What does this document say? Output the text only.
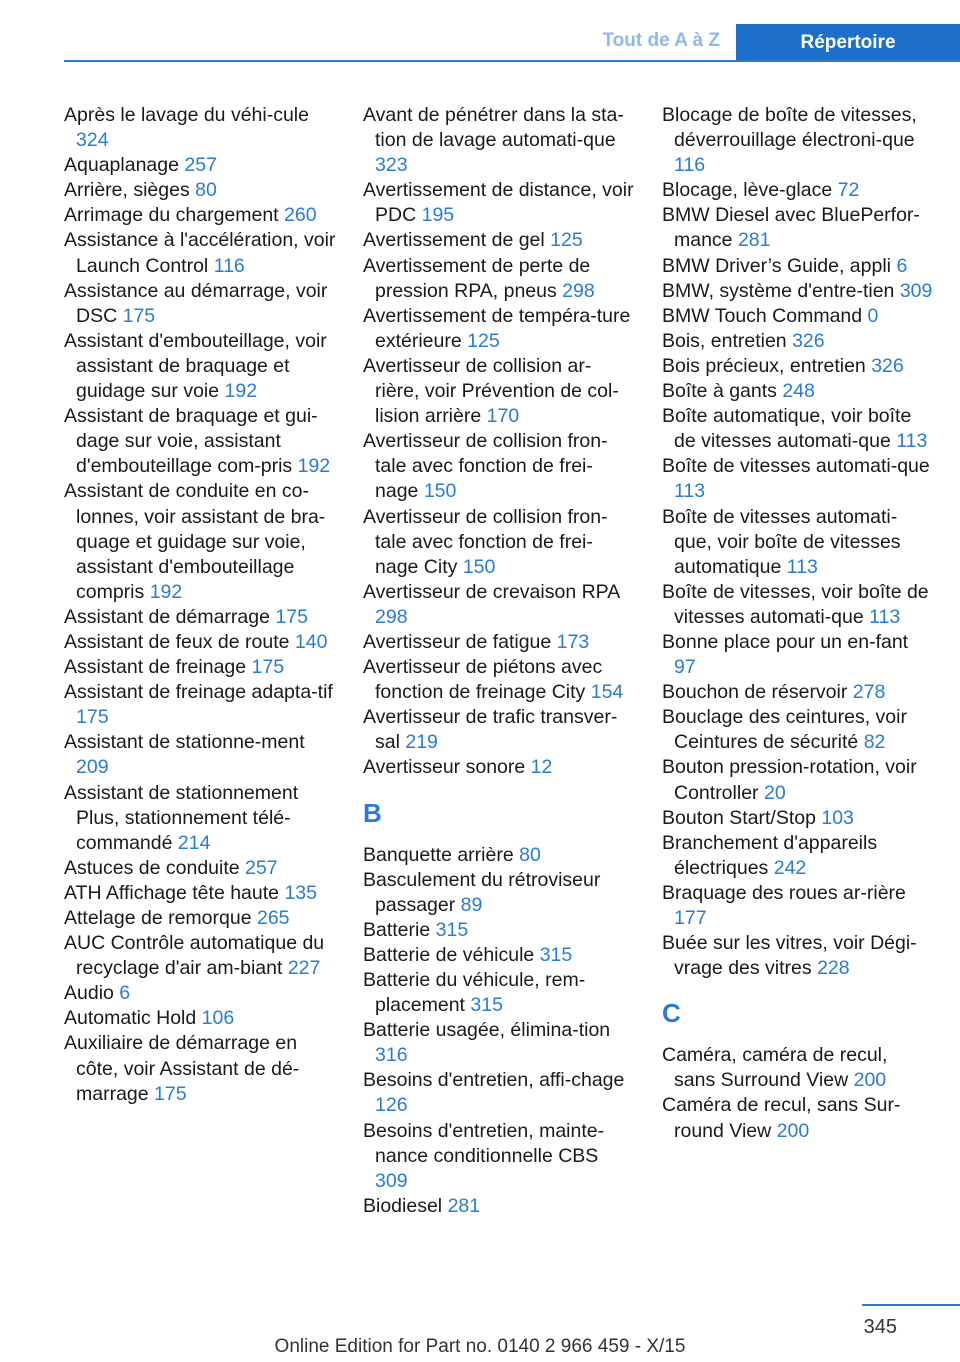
Tout de A à Z	Répertoire
Après le lavage du véhi-cule 324
Aquaplanage 257
Arrière, sièges 80
Arrimage du chargement 260
Assistance à l'accélération, voir Launch Control 116
Assistance au démarrage, voir DSC 175
Assistant d'embouteillage, voir assistant de braquage et guidage sur voie 192
Assistant de braquage et gui-dage sur voie, assistant d'embouteillage com-pris 192
Assistant de conduite en co-lonnes, voir assistant de bra-quage et guidage sur voie, assistant d'embouteillage compris 192
Assistant de démarrage 175
Assistant de feux de route 140
Assistant de freinage 175
Assistant de freinage adapta-tif 175
Assistant de stationne-ment 209
Assistant de stationnement Plus, stationnement télé-commandé 214
Astuces de conduite 257
ATH Affichage tête haute 135
Attelage de remorque 265
AUC Contrôle automatique du recyclage d'air am-biant 227
Audio 6
Automatic Hold 106
Auxiliaire de démarrage en côte, voir Assistant de dé-marrage 175
Avant de pénétrer dans la sta-tion de lavage automati-que 323
Avertissement de distance, voir PDC 195
Avertissement de gel 125
Avertissement de perte de pression RPA, pneus 298
Avertissement de tempéra-ture extérieure 125
Avertisseur de collision ar-rière, voir Prévention de col-lision arrière 170
Avertisseur de collision fron-tale avec fonction de frei-nage 150
Avertisseur de collision fron-tale avec fonction de frei-nage City 150
Avertisseur de crevaison RPA 298
Avertisseur de fatigue 173
Avertisseur de piétons avec fonction de freinage City 154
Avertisseur de trafic transver-sal 219
Avertisseur sonore 12
B
Banquette arrière 80
Basculement du rétroviseur passager 89
Batterie 315
Batterie de véhicule 315
Batterie du véhicule, rem-placement 315
Batterie usagée, élimina-tion 316
Besoins d'entretien, affi-chage 126
Besoins d'entretien, mainte-nance conditionnelle CBS 309
Biodiesel 281
Blocage de boîte de vitesses, déverrouillage électroni-que 116
Blocage, lève-glace 72
BMW Diesel avec BluePerfor-mance 281
BMW Driver’s Guide, appli 6
BMW, système d'entre-tien 309
BMW Touch Command 0
Bois, entretien 326
Bois précieux, entretien 326
Boîte à gants 248
Boîte automatique, voir boîte de vitesses automati-que 113
Boîte de vitesses automati-que 113
Boîte de vitesses automati-que, voir boîte de vitesses automatique 113
Boîte de vitesses, voir boîte de vitesses automati-que 113
Bonne place pour un en-fant 97
Bouchon de réservoir 278
Bouclage des ceintures, voir Ceintures de sécurité 82
Bouton pression-rotation, voir Controller 20
Bouton Start/Stop 103
Branchement d'appareils électriques 242
Braquage des roues ar-rière 177
Buée sur les vitres, voir Dégi-vrage des vitres 228
C
Caméra, caméra de recul, sans Surround View 200
Caméra de recul, sans Sur-round View 200
345
Online Edition for Part no. 0140 2 966 459 - X/15
